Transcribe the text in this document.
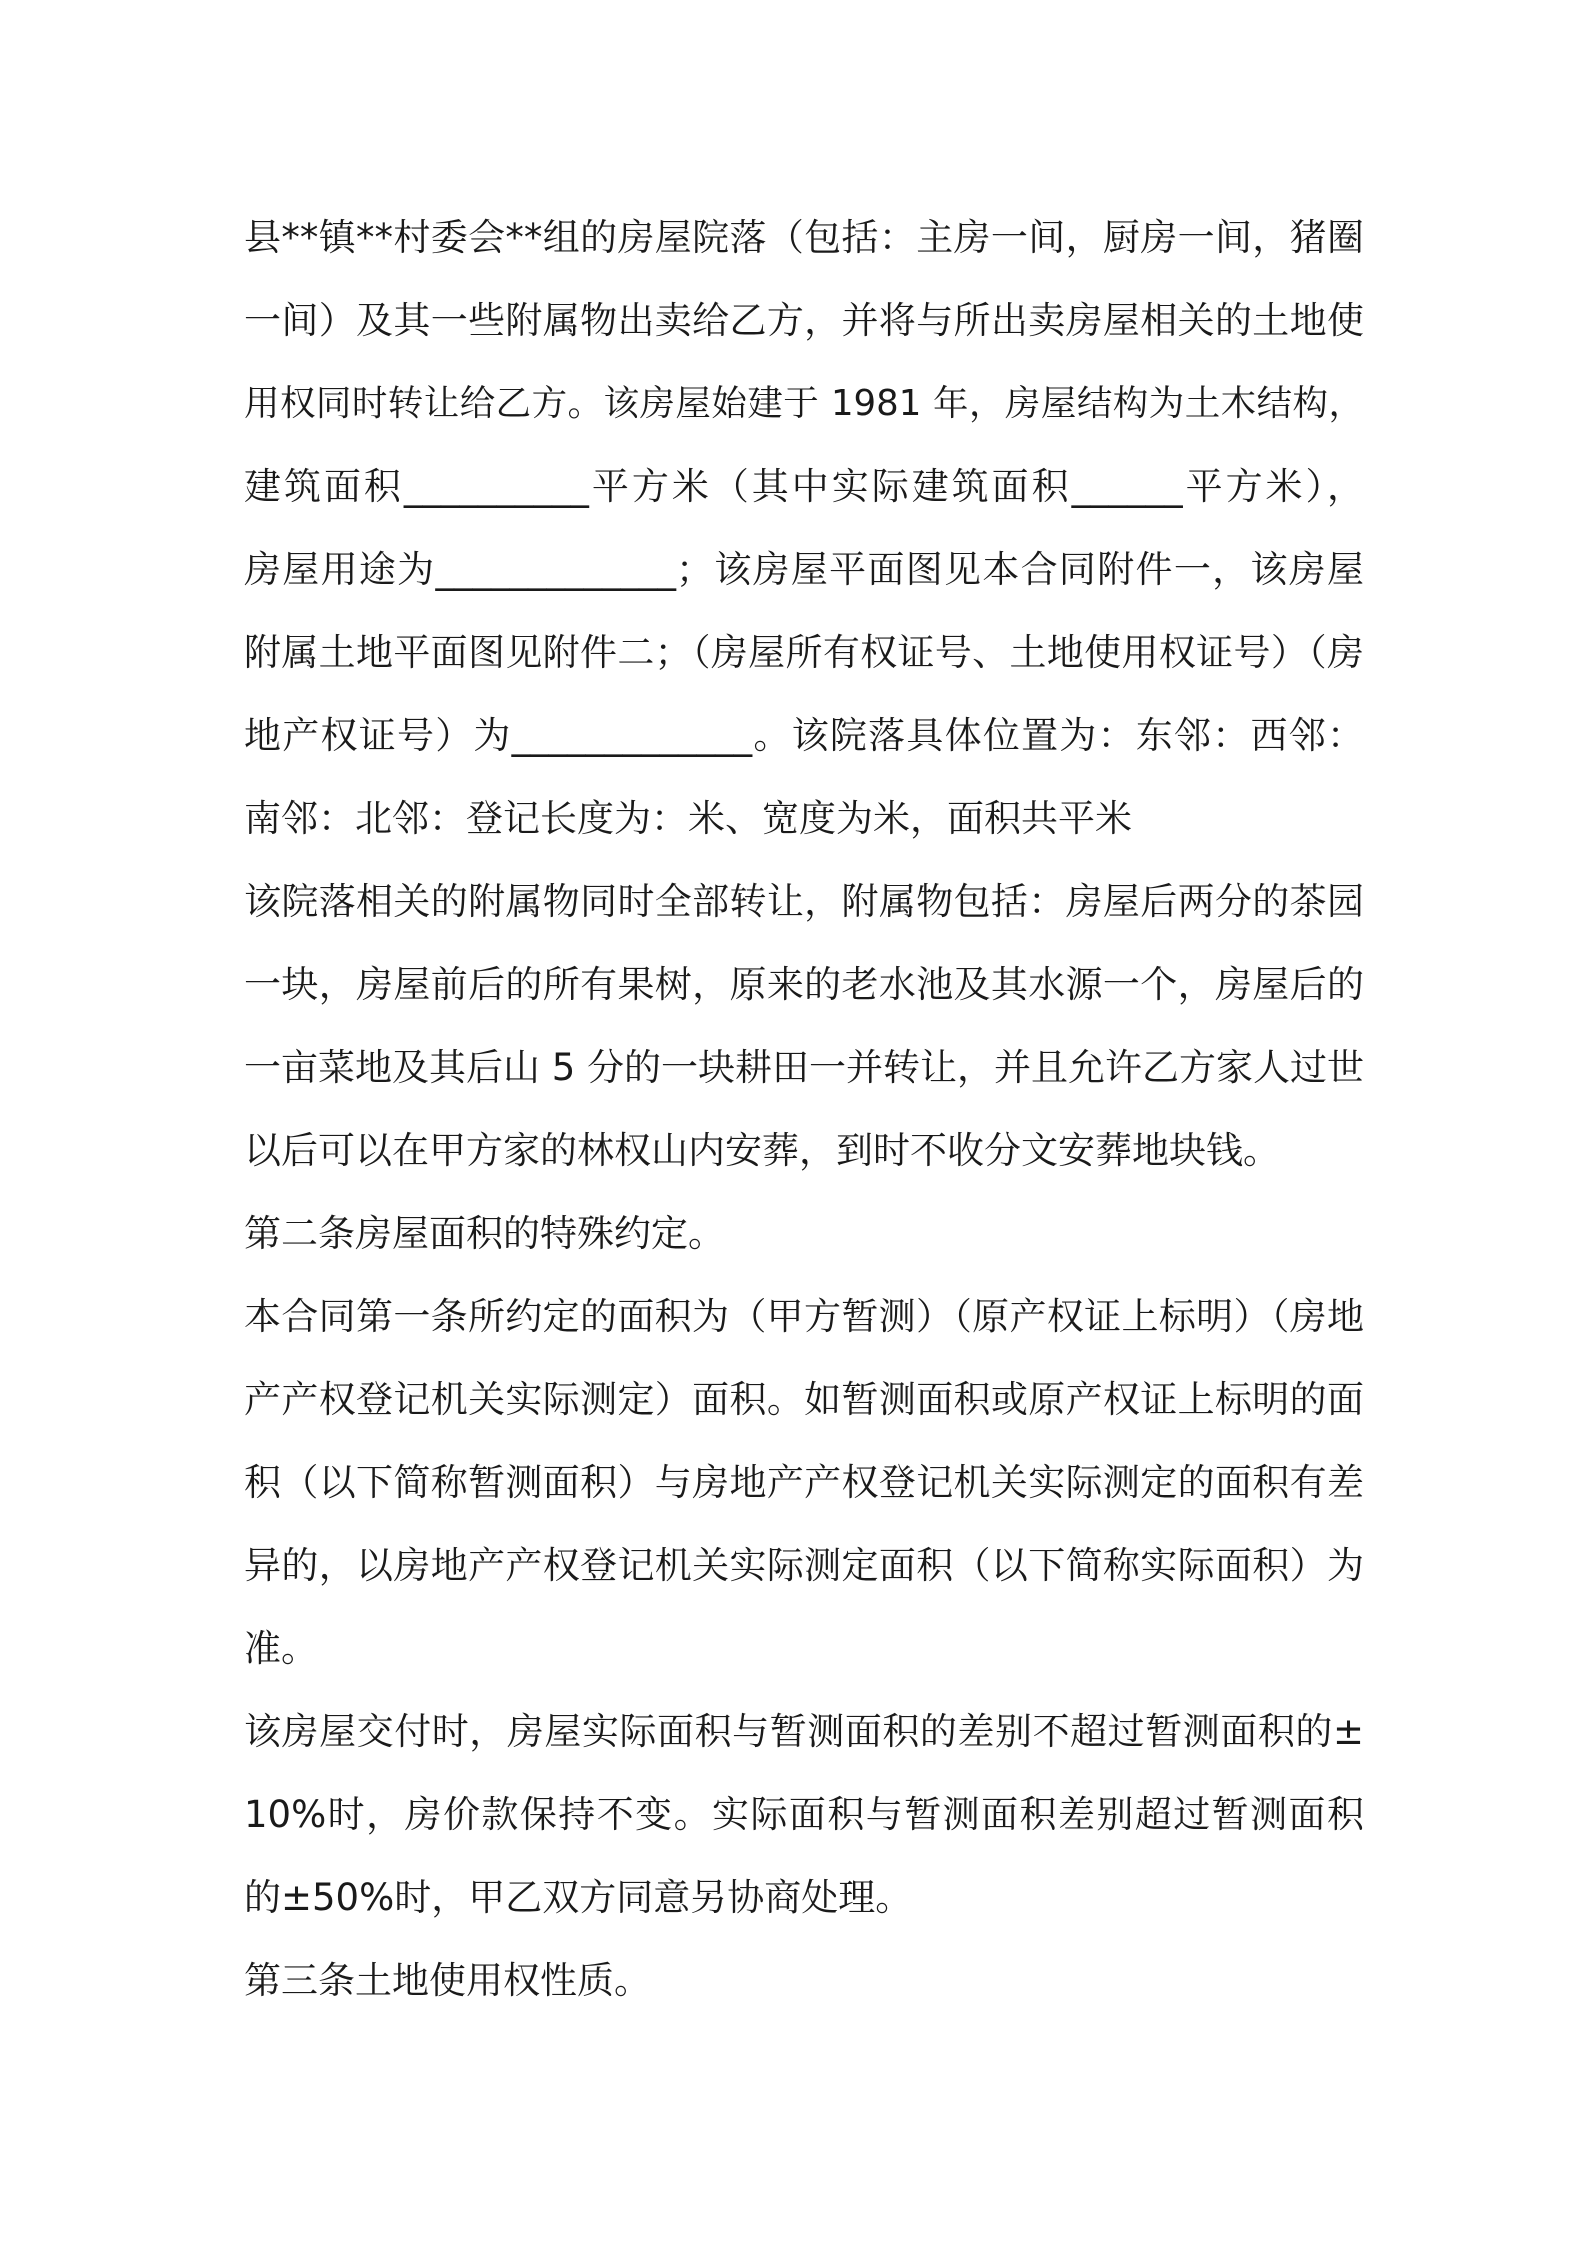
县**镇**村委会**组的房屋院落（包括：主房一间，厨房一间，猪圈
一间）及其一些附属物出卖给乙方，并将与所出卖房屋相关的土地使
用权同时转让给乙方。该房屋始建于 1981 年，房屋结构为土木结构，
建筑面积__________平方米（其中实际建筑面积______平方米），
房屋用途为_____________；该房屋平面图见本合同附件一，该房屋
附属土地平面图见附件二；（房屋所有权证号、土地使用权证号）（房
地产权证号）为_____________。该院落具体位置为：东邻：西邻：
南邻：北邻：登记长度为：米、宽度为米，面积共平米
该院落相关的附属物同时全部转让，附属物包括：房屋后两分的茶园
一块，房屋前后的所有果树，原来的老水池及其水源一个，房屋后的
一亩菜地及其后山 5 分的一块耕田一并转让，并且允许乙方家人过世
以后可以在甲方家的林权山内安葬，到时不收分文安葬地块钱。
第二条房屋面积的特殊约定。
本合同第一条所约定的面积为（甲方暂测）（原产权证上标明）（房地
产产权登记机关实际测定）面积。如暂测面积或原产权证上标明的面
积（以下简称暂测面积）与房地产产权登记机关实际测定的面积有差
异的，以房地产产权登记机关实际测定面积（以下简称实际面积）为
准。
该房屋交付时，房屋实际面积与暂测面积的差别不超过暂测面积的±
10%时，房价款保持不变。实际面积与暂测面积差别超过暂测面积
的±50%时，甲乙双方同意另协商处理。
第三条土地使用权性质。
